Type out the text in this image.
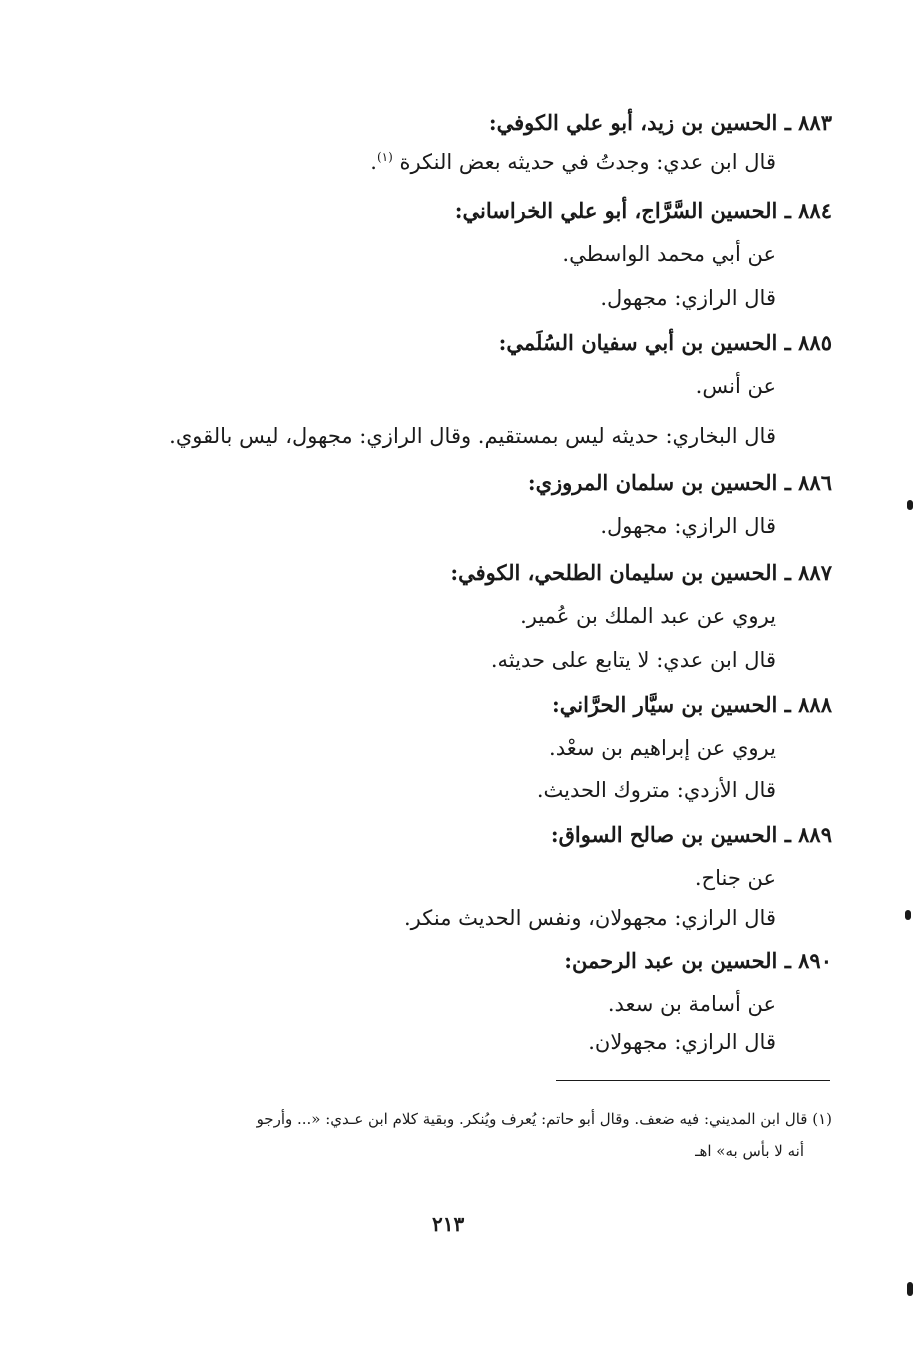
٨٨٣ ـ الحسين بن زيد، أبو علي الكوفي:
قال ابن عدي: وجدتُ في حديثه بعض النكرة $^{(١)}$.
٨٨٤ ـ الحسين السَّرَّاج، أبو علي الخراساني:
عن أبي محمد الواسطي.
قال الرازي: مجهول.
٨٨٥ ـ الحسين بن أبي سفيان السُلَمي:
عن أنس.
قال البخاري: حديثه ليس بمستقيم. وقال الرازي: مجهول، ليس بالقوي.
٨٨٦ ـ الحسين بن سلمان المروزي:
قال الرازي: مجهول.
٨٨٧ ـ الحسين بن سليمان الطلحي، الكوفي:
يروي عن عبد الملك بن عُمير.
قال ابن عدي: لا يتابع على حديثه.
٨٨٨ ـ الحسين بن سيَّار الحرَّاني:
يروي عن إبراهيم بن سعْد.
قال الأزدي: متروك الحديث.
٨٨٩ ـ الحسين بن صالح السواق:
عن جناح.
قال الرازي: مجهولان، ونفس الحديث منكر.
٨٩٠ ـ الحسين بن عبد الرحمن:
عن أسامة بن سعد.
قال الرازي: مجهولان.
(١) قال ابن المديني: فيه ضعف. وقال أبو حاتم: يُعرف ويُنكر. وبقية كلام ابن عـدي: «... وأرجو
أنه لا بأس به» اهـ
٢١٣
